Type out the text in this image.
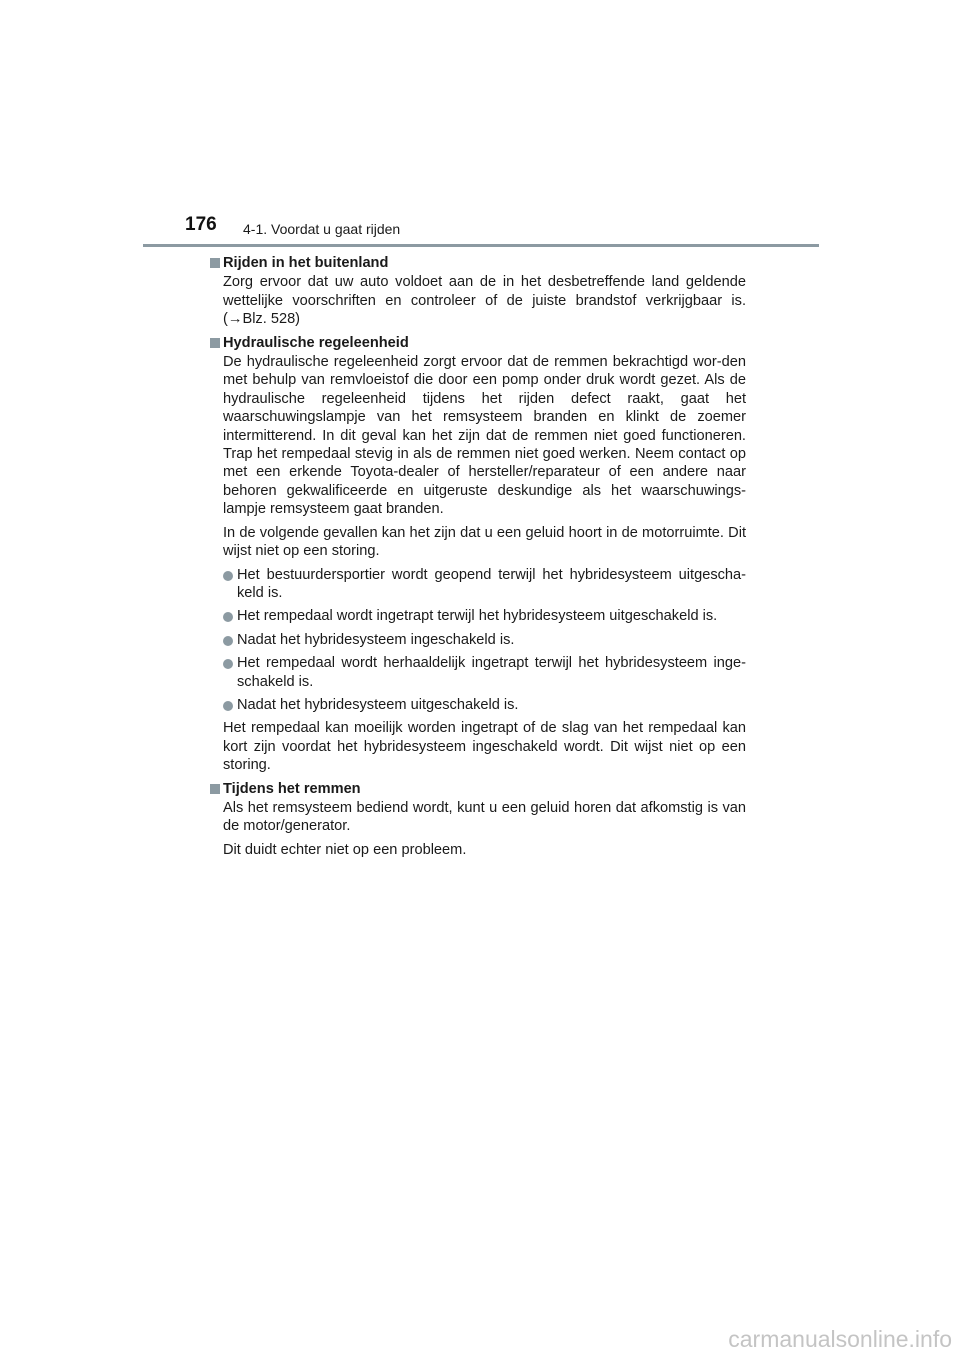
176 4-1. Voordat u gaat rijden
Rijden in het buitenland
Zorg ervoor dat uw auto voldoet aan de in het desbetreffende land geldende wettelijke voorschriften en controleer of de juiste brandstof verkrijgbaar is. (→Blz. 528)
Hydraulische regeleenheid
De hydraulische regeleenheid zorgt ervoor dat de remmen bekrachtigd wor-den met behulp van remvloeistof die door een pomp onder druk wordt gezet. Als de hydraulische regeleenheid tijdens het rijden defect raakt, gaat het waarschuwingslampje van het remsysteem branden en klinkt de zoemer intermitterend. In dit geval kan het zijn dat de remmen niet goed functioneren. Trap het rempedaal stevig in als de remmen niet goed werken. Neem contact op met een erkende Toyota-dealer of hersteller/reparateur of een andere naar behoren gekwalificeerde en uitgeruste deskundige als het waarschuwings-lampje remsysteem gaat branden.
In de volgende gevallen kan het zijn dat u een geluid hoort in de motorruimte. Dit wijst niet op een storing.
Het bestuurdersportier wordt geopend terwijl het hybridesysteem uitgescha-keld is.
Het rempedaal wordt ingetrapt terwijl het hybridesysteem uitgeschakeld is.
Nadat het hybridesysteem ingeschakeld is.
Het rempedaal wordt herhaaldelijk ingetrapt terwijl het hybridesysteem inge-schakeld is.
Nadat het hybridesysteem uitgeschakeld is.
Het rempedaal kan moeilijk worden ingetrapt of de slag van het rempedaal kan kort zijn voordat het hybridesysteem ingeschakeld wordt. Dit wijst niet op een storing.
Tijdens het remmen
Als het remsysteem bediend wordt, kunt u een geluid horen dat afkomstig is van de motor/generator.
Dit duidt echter niet op een probleem.
carmanualsonline.info
